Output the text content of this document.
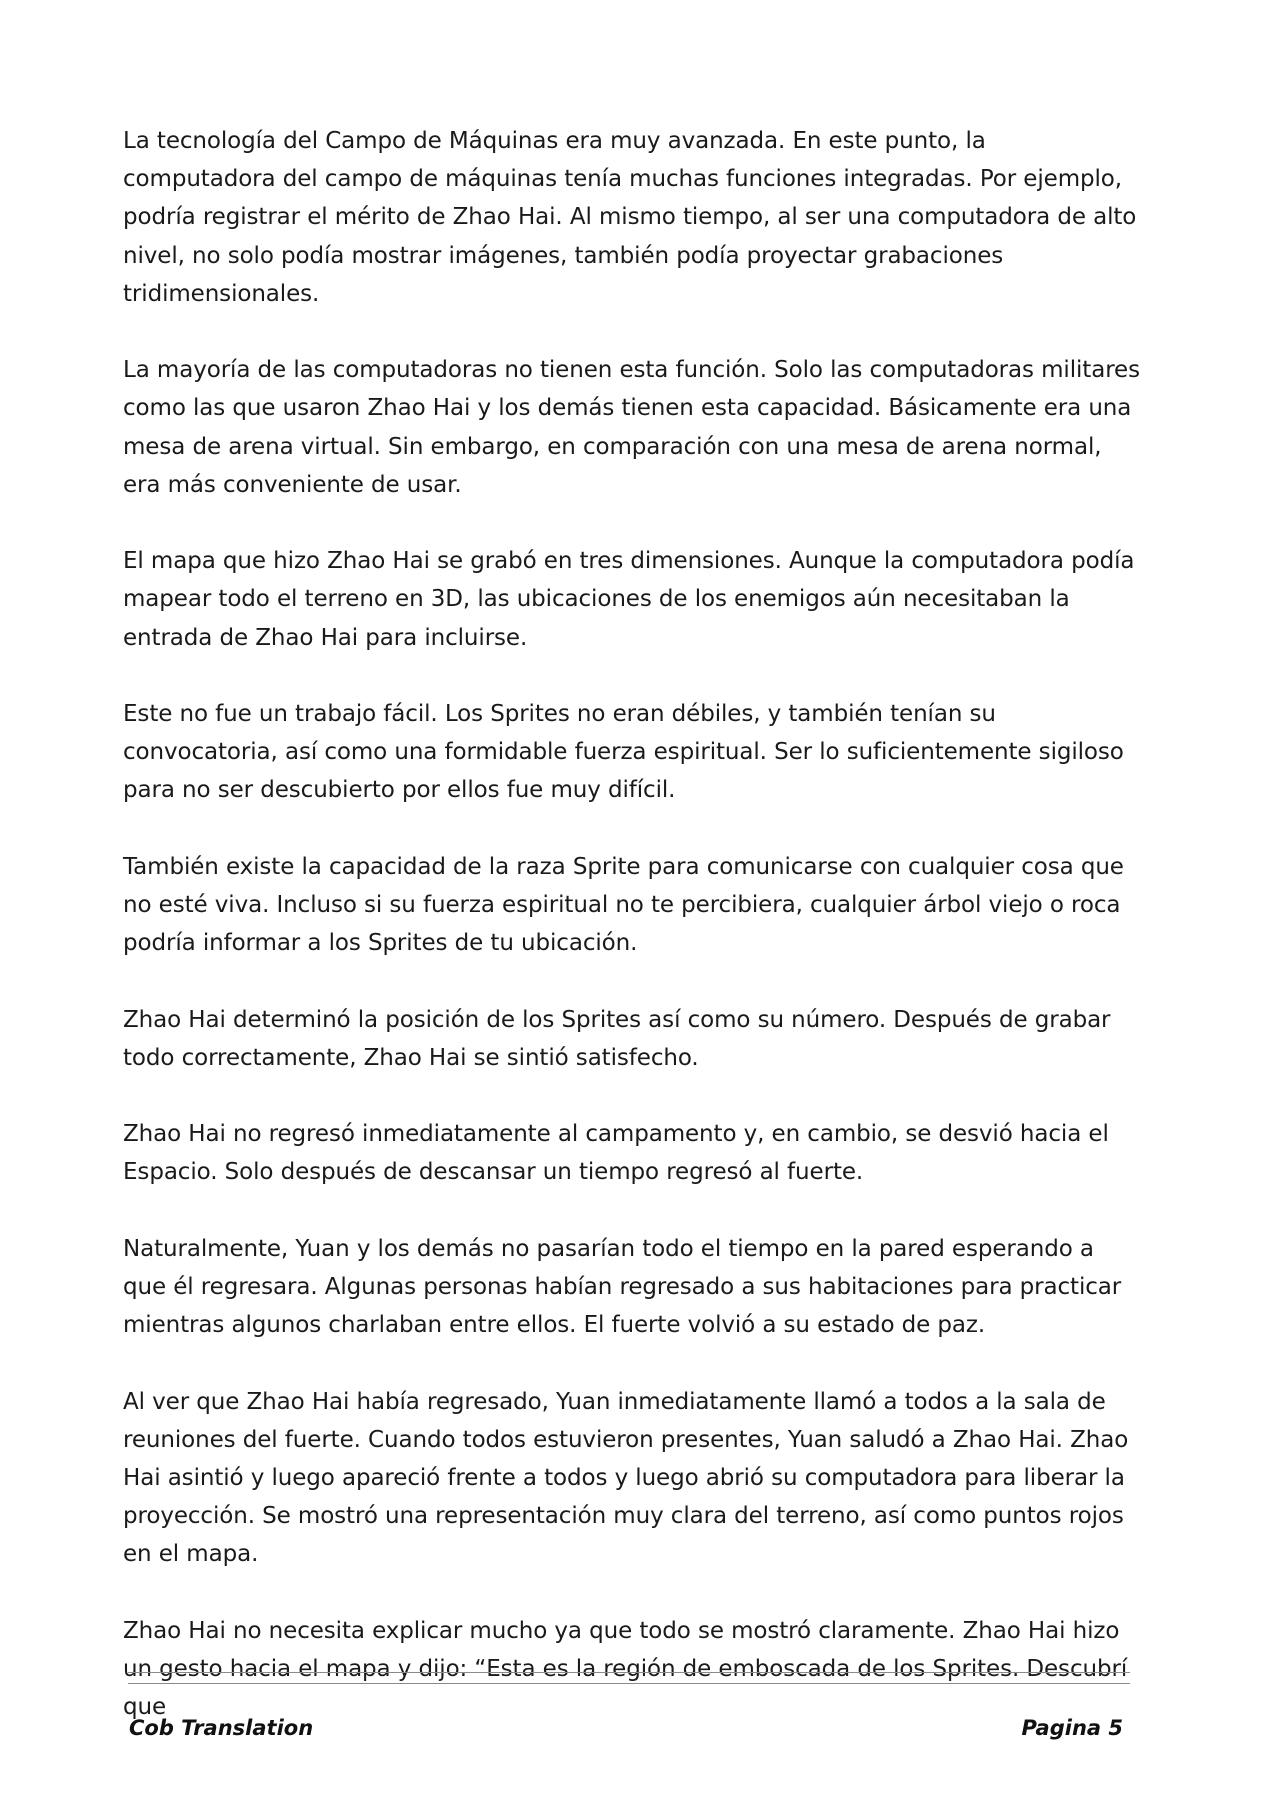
La tecnología del Campo de Máquinas era muy avanzada. En este punto, la computadora del campo de máquinas tenía muchas funciones integradas. Por ejemplo, podría registrar el mérito de Zhao Hai. Al mismo tiempo, al ser una computadora de alto nivel, no solo podía mostrar imágenes, también podía proyectar grabaciones tridimensionales.

La mayoría de las computadoras no tienen esta función. Solo las computadoras militares como las que usaron Zhao Hai y los demás tienen esta capacidad. Básicamente era una mesa de arena virtual. Sin embargo, en comparación con una mesa de arena normal, era más conveniente de usar.

El mapa que hizo Zhao Hai se grabó en tres dimensiones. Aunque la computadora podía mapear todo el terreno en 3D, las ubicaciones de los enemigos aún necesitaban la entrada de Zhao Hai para incluirse.

Este no fue un trabajo fácil. Los Sprites no eran débiles, y también tenían su convocatoria, así como una formidable fuerza espiritual. Ser lo suficientemente sigiloso para no ser descubierto por ellos fue muy difícil.

También existe la capacidad de la raza Sprite para comunicarse con cualquier cosa que no esté viva. Incluso si su fuerza espiritual no te percibiera, cualquier árbol viejo o roca podría informar a los Sprites de tu ubicación.

Zhao Hai determinó la posición de los Sprites así como su número. Después de grabar todo correctamente, Zhao Hai se sintió satisfecho.

Zhao Hai no regresó inmediatamente al campamento y, en cambio, se desvió hacia el Espacio. Solo después de descansar un tiempo regresó al fuerte.

Naturalmente, Yuan y los demás no pasarían todo el tiempo en la pared esperando a que él regresara. Algunas personas habían regresado a sus habitaciones para practicar mientras algunos charlaban entre ellos. El fuerte volvió a su estado de paz.

Al ver que Zhao Hai había regresado, Yuan inmediatamente llamó a todos a la sala de reuniones del fuerte. Cuando todos estuvieron presentes, Yuan saludó a Zhao Hai. Zhao Hai asintió y luego apareció frente a todos y luego abrió su computadora para liberar la proyección. Se mostró una representación muy clara del terreno, así como puntos rojos en el mapa.

Zhao Hai no necesita explicar mucho ya que todo se mostró claramente. Zhao Hai hizo un gesto hacia el mapa y dijo: “Esta es la región de emboscada de los Sprites. Descubrí que

Cob Translation	Pagina 5
